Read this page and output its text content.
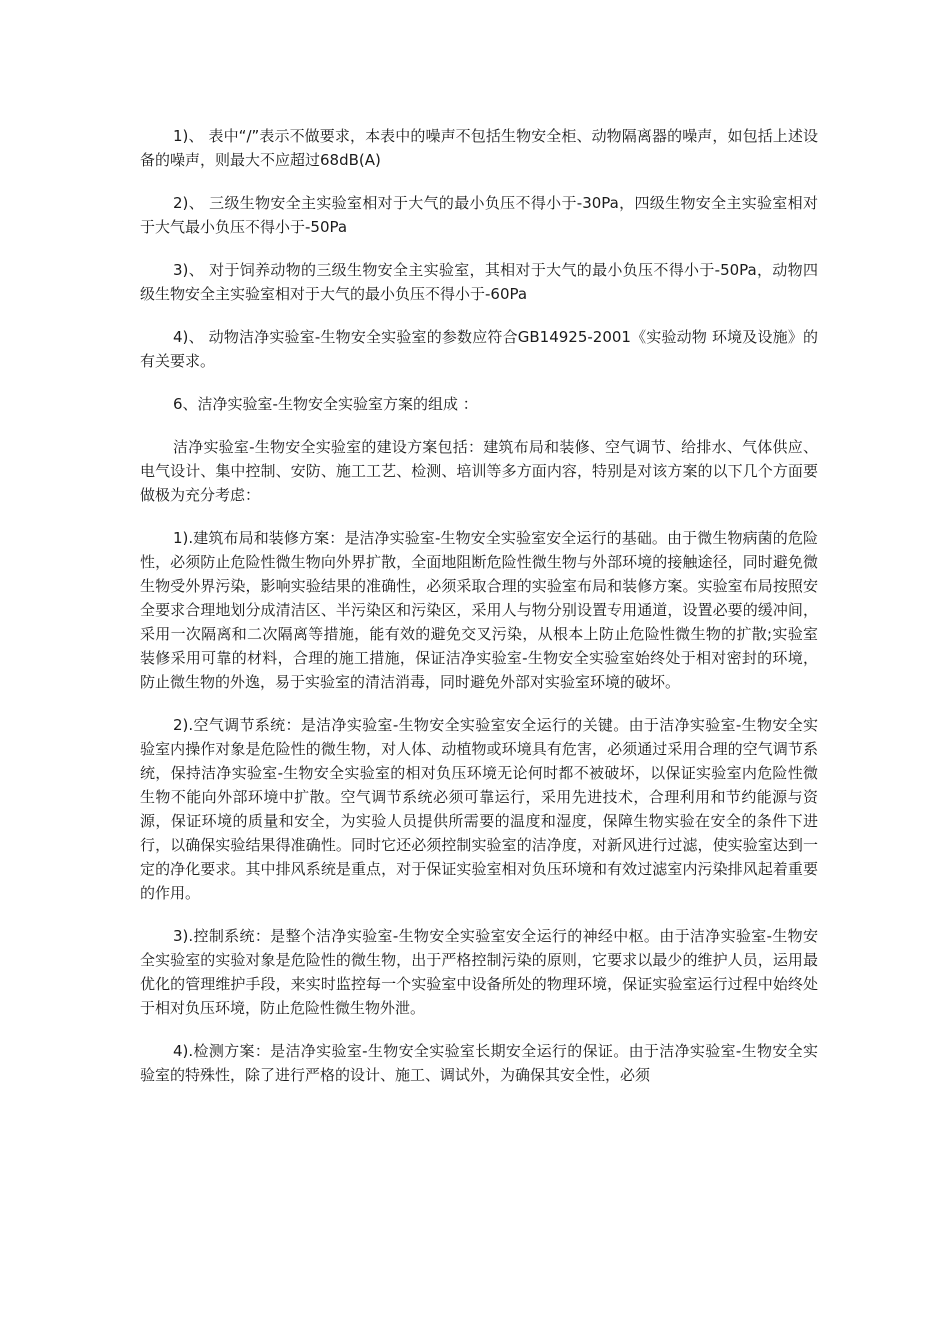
1)、 表中“/”表示不做要求，本表中的噪声不包括生物安全柜、动物隔离器的噪声，如包括上述设备的噪声，则最大不应超过68dB(A)

2)、 三级生物安全主实验室相对于大气的最小负压不得小于-30Pa，四级生物安全主实验室相对于大气最小负压不得小于-50Pa

3)、 对于饲养动物的三级生物安全主实验室，其相对于大气的最小负压不得小于-50Pa，动物四级生物安全主实验室相对于大气的最小负压不得小于-60Pa

4)、 动物洁净实验室-生物安全实验室的参数应符合GB14925-2001《实验动物 环境及设施》的有关要求。

6、洁净实验室-生物安全实验室方案的组成 ：

洁净实验室-生物安全实验室的建设方案包括：建筑布局和装修、空气调节、给排水、气体供应、电气设计、集中控制、安防、施工工艺、检测、培训等多方面内容，特别是对该方案的以下几个方面要做极为充分考虑：

1).建筑布局和装修方案：是洁净实验室-生物安全实验室安全运行的基础。由于微生物病菌的危险性，必须防止危险性微生物向外界扩散，全面地阻断危险性微生物与外部环境的接触途径，同时避免微生物受外界污染，影响实验结果的准确性，必须采取合理的实验室布局和装修方案。实验室布局按照安全要求合理地划分成清洁区、半污染区和污染区，采用人与物分别设置专用通道，设置必要的缓冲间，采用一次隔离和二次隔离等措施，能有效的避免交叉污染，从根本上防止危险性微生物的扩散;实验室装修采用可靠的材料，合理的施工措施，保证洁净实验室-生物安全实验室始终处于相对密封的环境，防止微生物的外逸，易于实验室的清洁消毒，同时避免外部对实验室环境的破坏。

2).空气调节系统：是洁净实验室-生物安全实验室安全运行的关键。由于洁净实验室-生物安全实验室内操作对象是危险性的微生物，对人体、动植物或环境具有危害，必须通过采用合理的空气调节系统，保持洁净实验室-生物安全实验室的相对负压环境无论何时都不被破坏，以保证实验室内危险性微生物不能向外部环境中扩散。空气调节系统必须可靠运行，采用先进技术，合理利用和节约能源与资源，保证环境的质量和安全，为实验人员提供所需要的温度和湿度，保障生物实验在安全的条件下进行，以确保实验结果得准确性。同时它还必须控制实验室的洁净度，对新风进行过滤，使实验室达到一定的净化要求。其中排风系统是重点，对于保证实验室相对负压环境和有效过滤室内污染排风起着重要的作用。

3).控制系统：是整个洁净实验室-生物安全实验室安全运行的神经中枢。由于洁净实验室-生物安全实验室的实验对象是危险性的微生物，出于严格控制污染的原则，它要求以最少的维护人员，运用最优化的管理维护手段，来实时监控每一个实验室中设备所处的物理环境，保证实验室运行过程中始终处于相对负压环境，防止危险性微生物外泄。

4).检测方案：是洁净实验室-生物安全实验室长期安全运行的保证。由于洁净实验室-生物安全实验室的特殊性，除了进行严格的设计、施工、调试外，为确保其安全性，必须
